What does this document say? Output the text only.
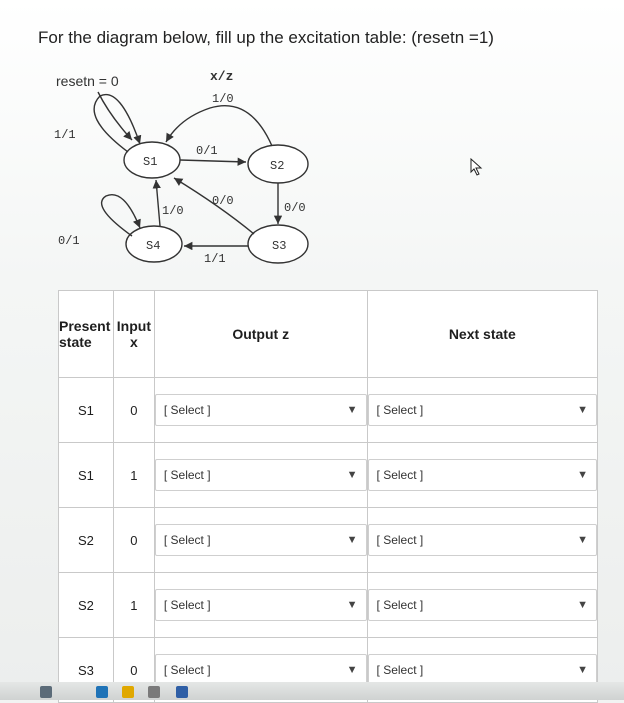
For the diagram below, fill up the excitation table: (resetn =1)
resetn = 0	x/z
S1	S2
S3
S4
1/1
0/1
1/0
0/0
0/0
1/1
1/0
0/1
Present state	Input x	Output z	Next state
S1	0	[ Select ] ▼	[ Select ] ▼

S1	1	[ Select ] ▼	[ Select ] ▼

S2	0	[ Select ] ▼	[ Select ] ▼

S2	1	[ Select ] ▼	[ Select ] ▼

S3	0	[ Select ] ▼	[ Select ] ▼
